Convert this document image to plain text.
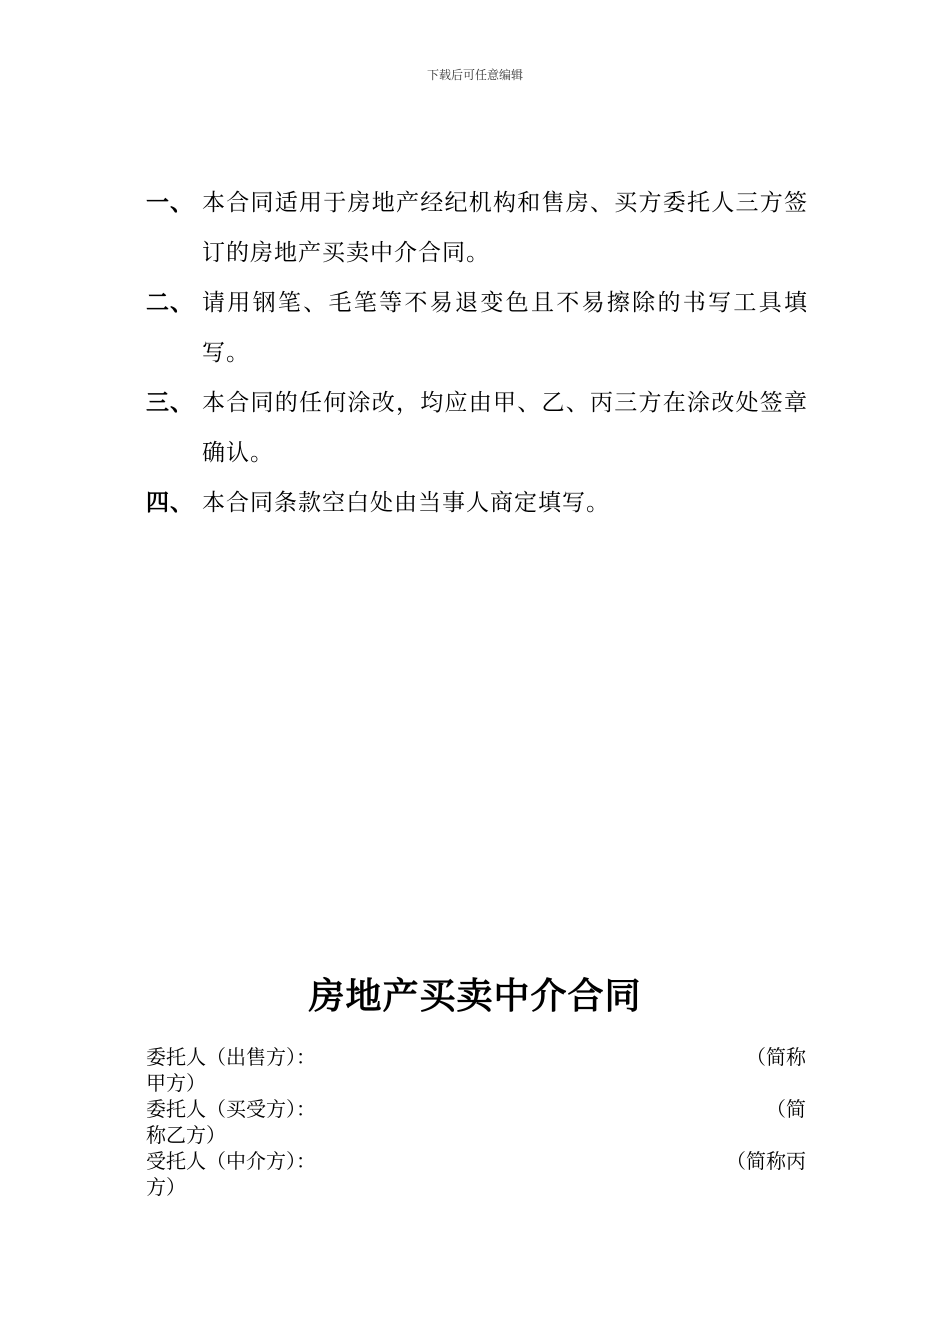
下载后可任意编辑
一、 本合同适用于房地产经纪机构和售房、买方委托人三方签订的房地产买卖中介合同。
二、 请用钢笔、毛笔等不易退变色且不易擦除的书写工具填写。
三、 本合同的任何涂改，均应由甲、乙、丙三方在涂改处签章确认。
四、 本合同条款空白处由当事人商定填写。
房地产买卖中介合同
委托人（出售方）：	（简称
甲方）
委托人（买受方）：	（简
称乙方）
受托人（中介方）：	（简称丙
方）
